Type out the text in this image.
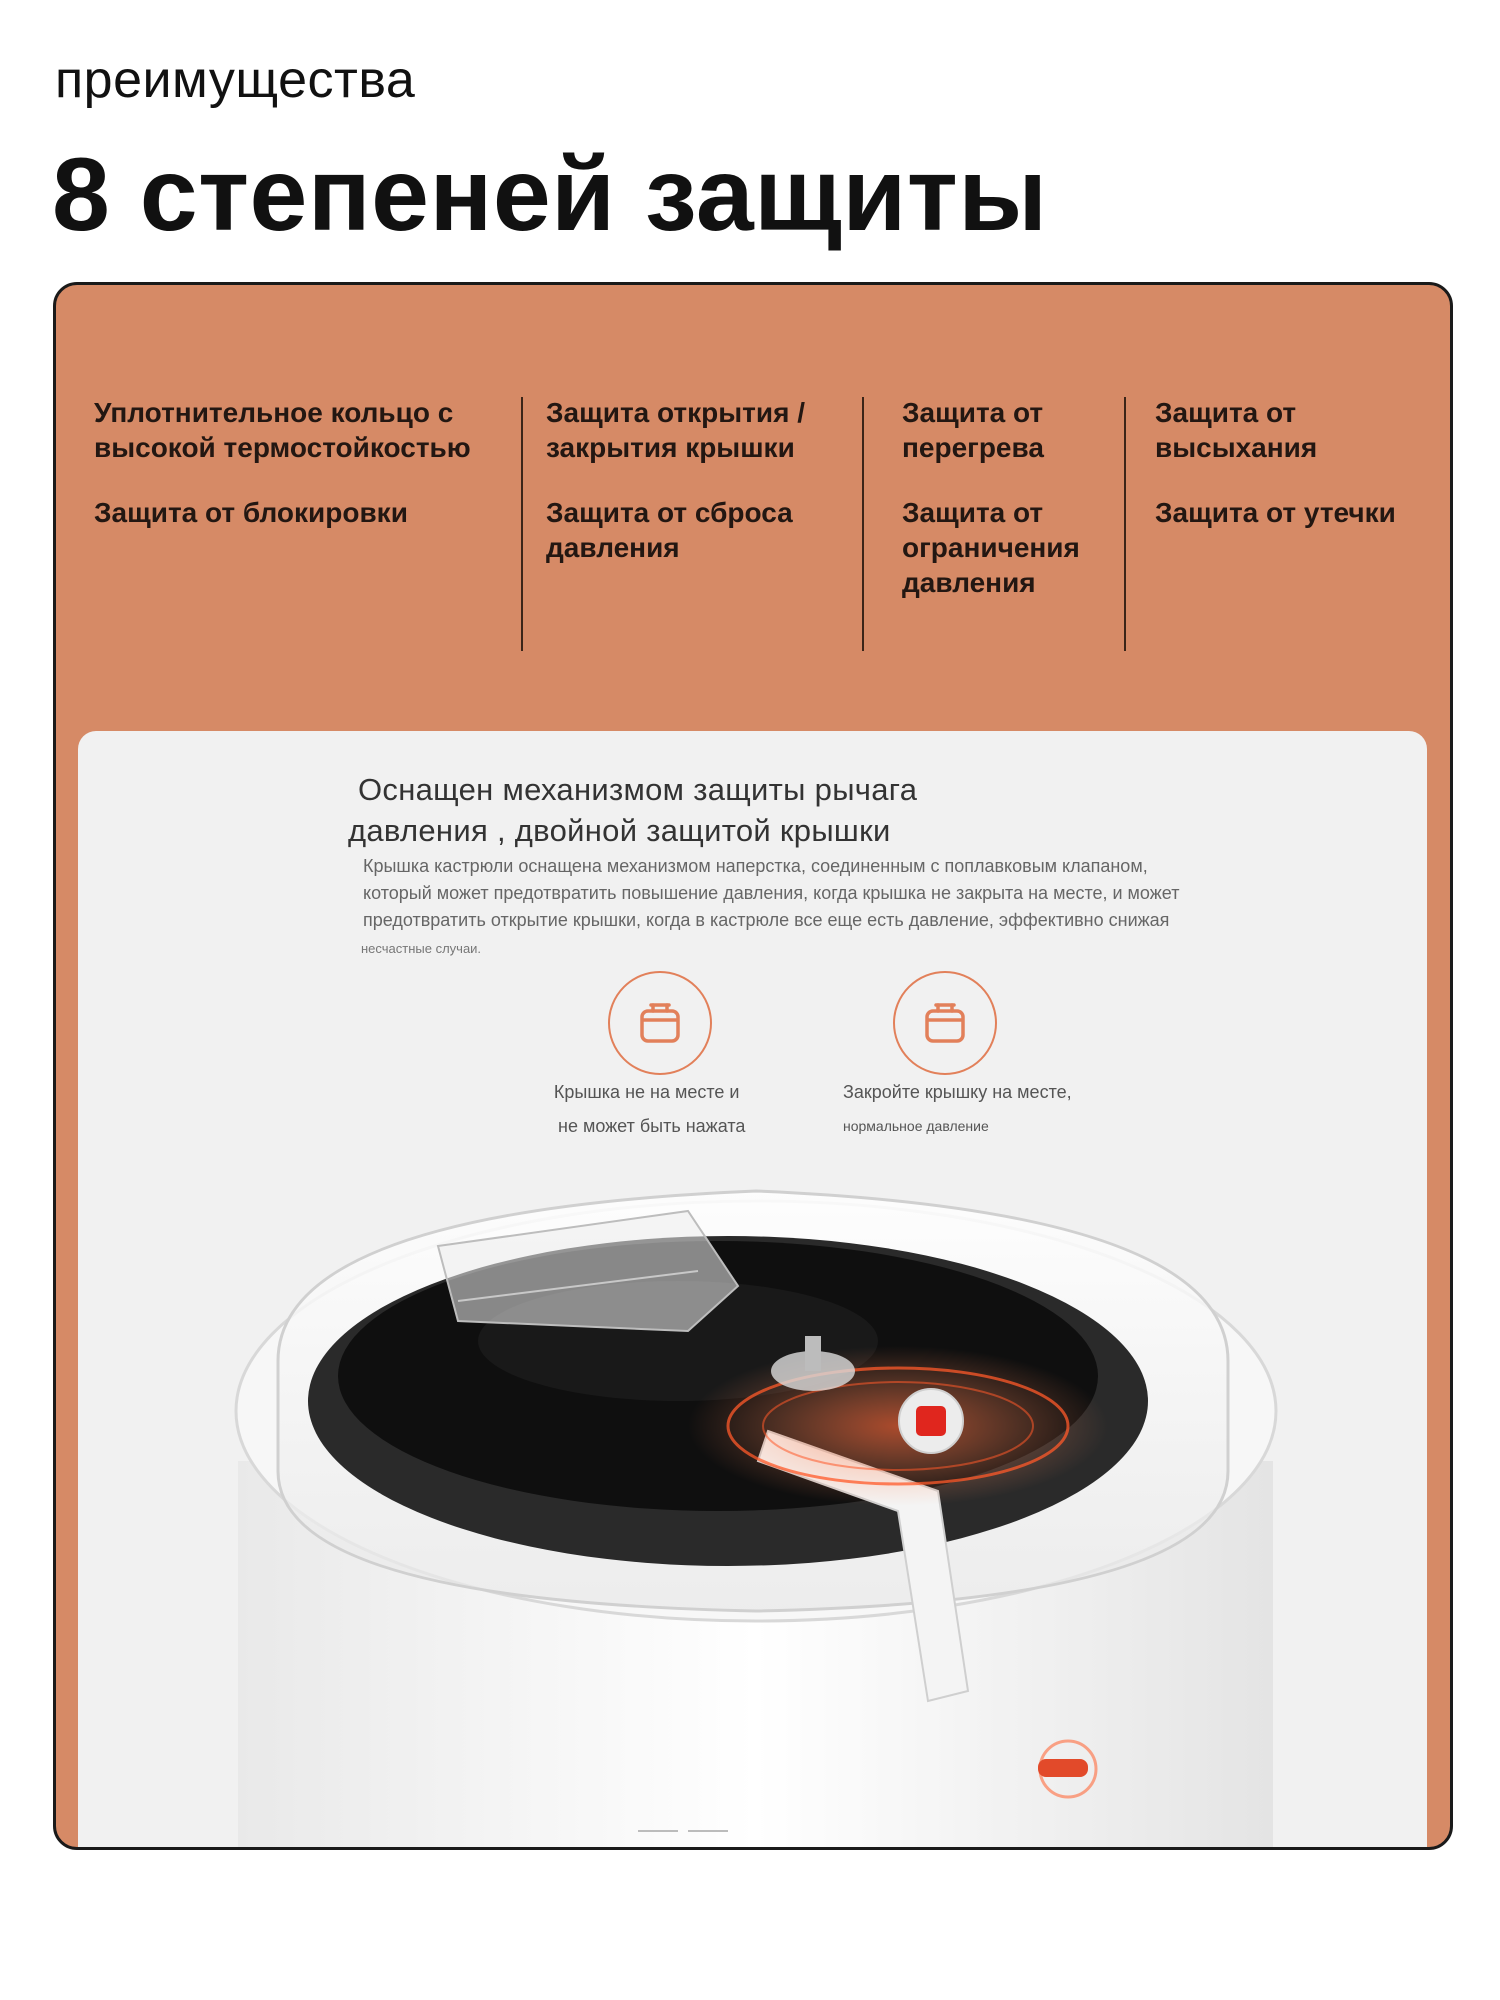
преимущества
8 степеней защиты
Уплотнительное кольцо с высокой термостойкостью
Защита от блокировки
Защита открытия / закрытия крышки
Защита от сброса давления
Защита от перегрева
Защита от ограничения давления
Защита от высыхания
Защита от утечки
Оснащен механизмом защиты рычага
давления , двойной защитой крышки
Крышка кастрюли оснащена механизмом наперстка, соединенным с поплавковым клапаном,
который может предотвратить повышение давления, когда крышка не закрыта на месте, и может
предотвратить открытие крышки, когда в кастрюле все еще есть давление, эффективно снижая
несчастные случаи.
Крышка не на месте и
не может быть нажата
Закройте крышку на месте,
нормальное давление
